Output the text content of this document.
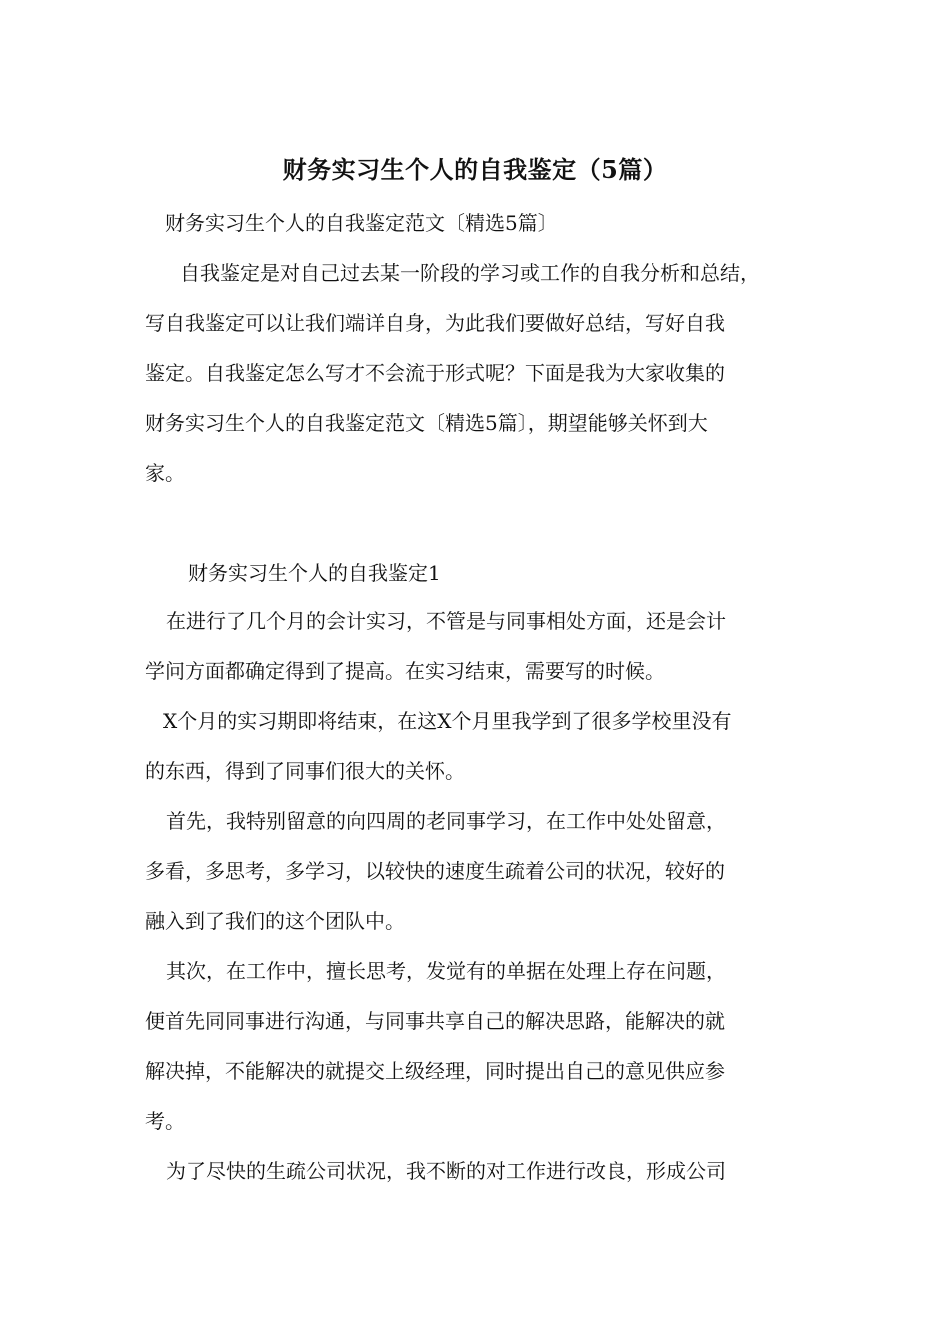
财务实习生个人的自我鉴定（5篇）
财务实习生个人的自我鉴定范文〔精选5篇〕
自我鉴定是对自己过去某一阶段的学习或工作的自我分析和总结，
写自我鉴定可以让我们端详自身，为此我们要做好总结，写好自我
鉴定。自我鉴定怎么写才不会流于形式呢？下面是我为大家收集的
财务实习生个人的自我鉴定范文〔精选5篇〕，期望能够关怀到大
家。
财务实习生个人的自我鉴定1
在进行了几个月的会计实习，不管是与同事相处方面，还是会计
学问方面都确定得到了提高。在实习结束，需要写的时候。
X个月的实习期即将结束，在这X个月里我学到了很多学校里没有
的东西，得到了同事们很大的关怀。
首先，我特别留意的向四周的老同事学习，在工作中处处留意，
多看，多思考，多学习，以较快的速度生疏着公司的状况，较好的
融入到了我们的这个团队中。
其次，在工作中，擅长思考，发觉有的单据在处理上存在问题，
便首先同同事进行沟通，与同事共享自己的解决思路，能解决的就
解决掉，不能解决的就提交上级经理，同时提出自己的意见供应参
考。
为了尽快的生疏公司状况，我不断的对工作进行改良，形成公司
